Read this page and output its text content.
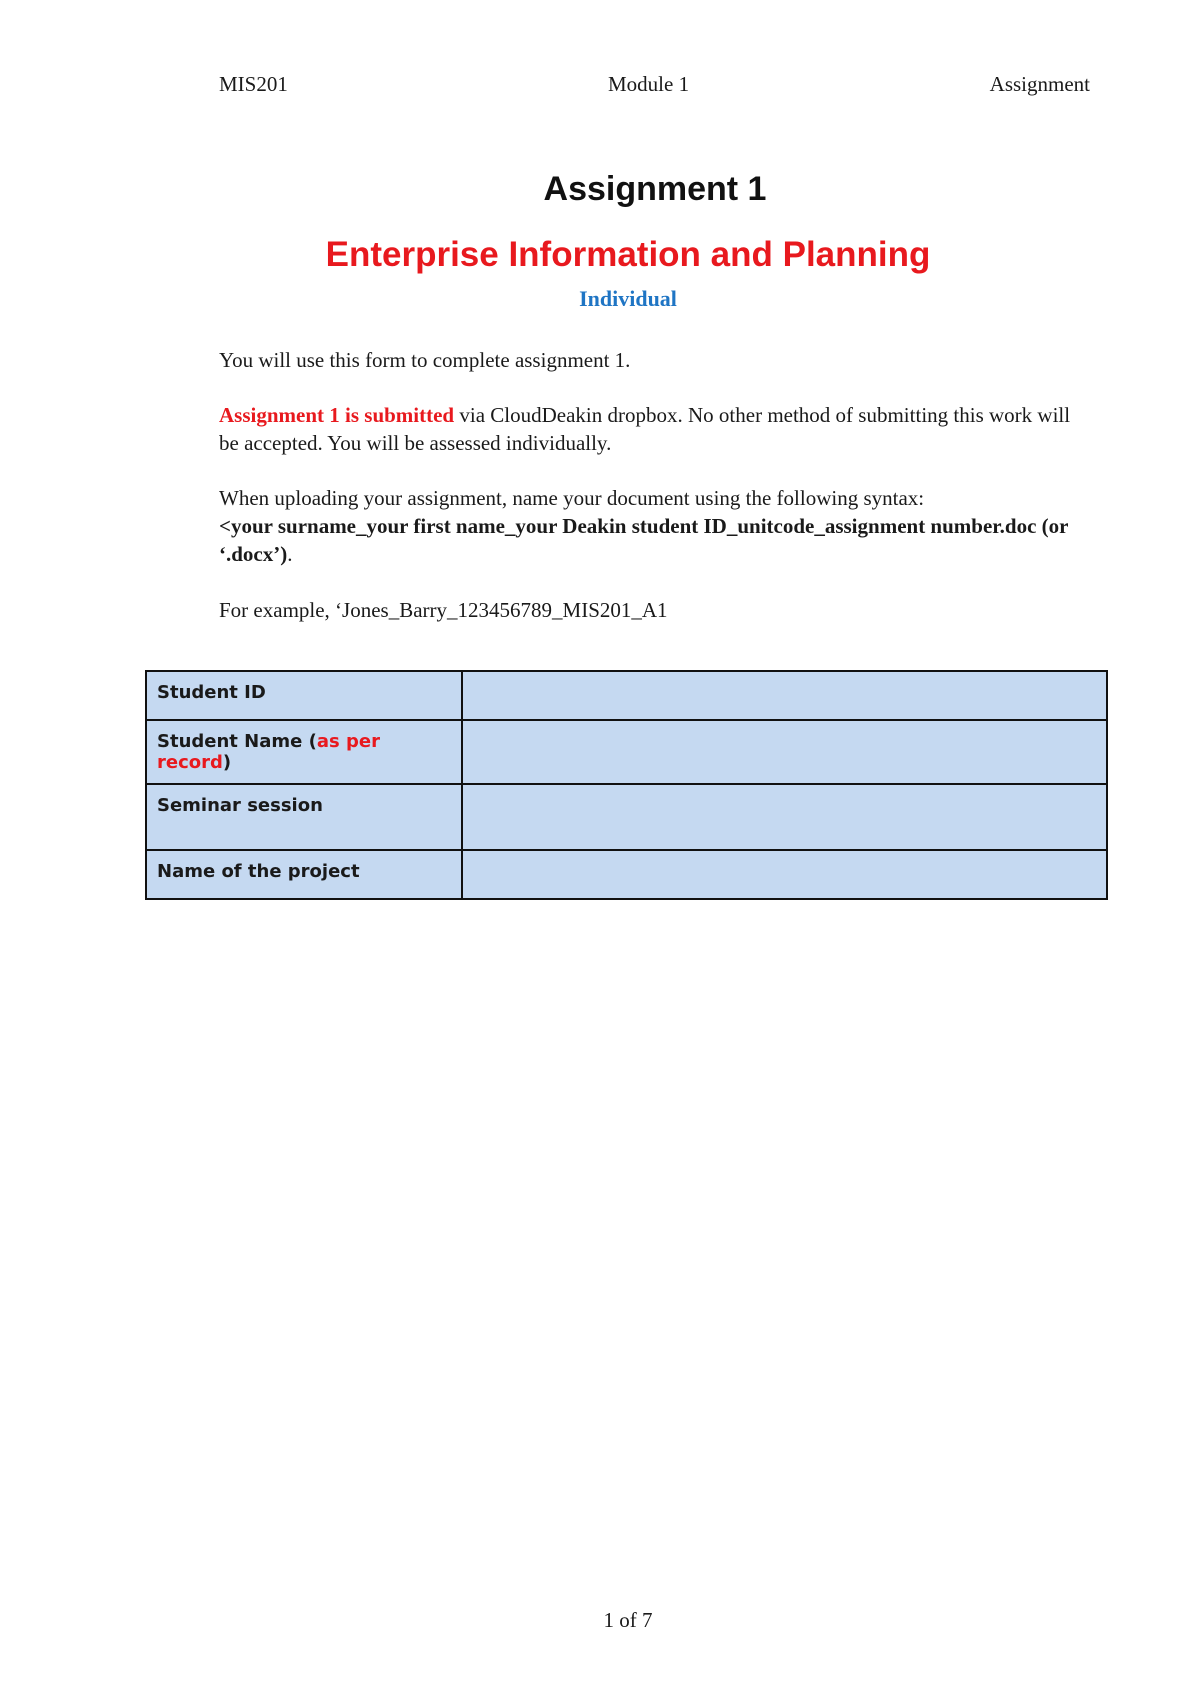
MIS201	Module 1	Assignment
Assignment 1
Enterprise Information and Planning
Individual
You will use this form to complete assignment 1.
Assignment 1 is submitted via CloudDeakin dropbox. No other method of submitting this work will be accepted. You will be assessed individually.
When uploading your assignment, name your document using the following syntax:
<your surname_your first name_your Deakin student ID_unitcode_assignment number.doc (or ‘.docx’).
For example, ‘Jones_Barry_123456789_MIS201_A1
Student ID	
Student Name (as per record)	
Seminar session	
Name of the project	
1 of 7
